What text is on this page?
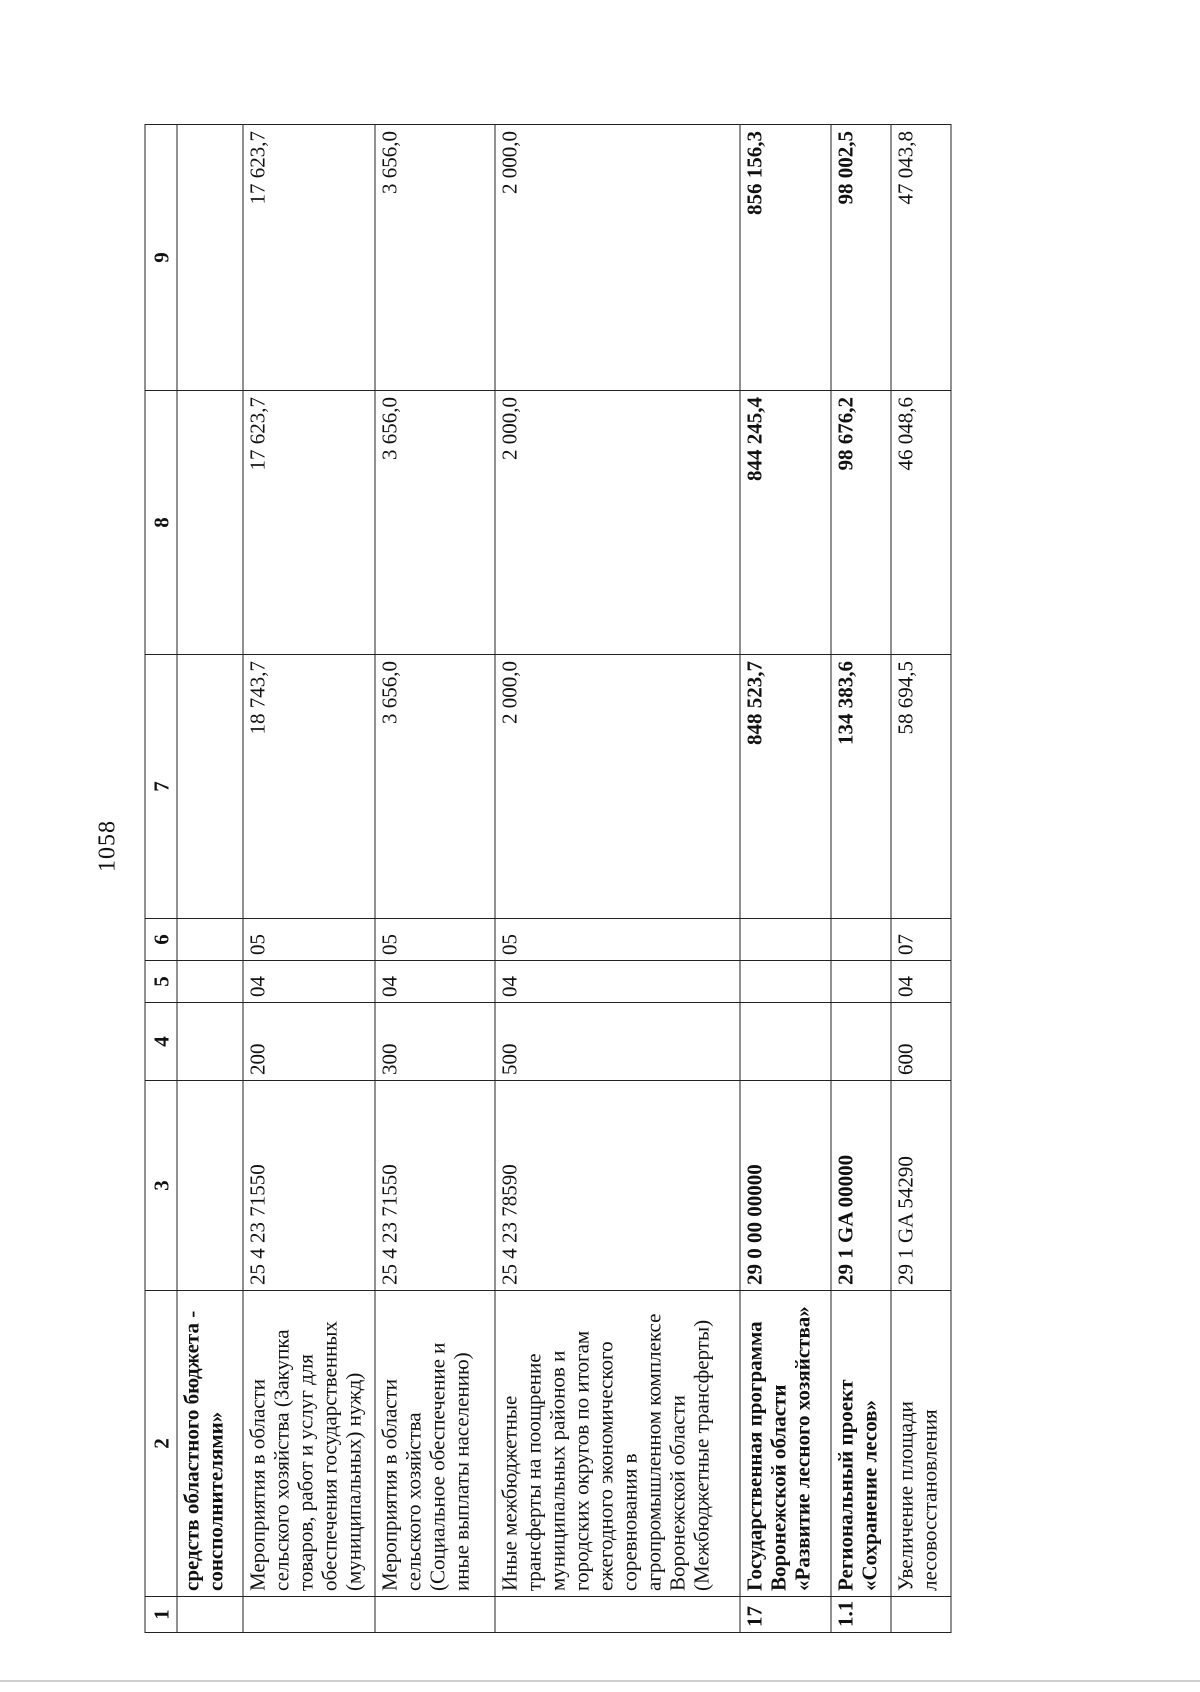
1058
1	2	3	4	5	6	7	8	9
	средств областного бюджета - сонсполнителями»							
	Мероприятия в области сельского хозяйства (Закупка товаров, работ и услуг для обеспечения государственных (муниципальных) нужд)	25 4 23 71550	200	04	05	18 743,7	17 623,7	17 623,7
	Мероприятия в области сельского хозяйства (Социальное обеспечение и иные выплаты населению)	25 4 23 71550	300	04	05	3 656,0	3 656,0	3 656,0
	Иные межбюджетные трансферты на поощрение муниципальных районов и городских округов по итогам ежегодного экономического соревнования в агропромышленном комплексе Воронежской области (Межбюджетные трансферты)	25 4 23 78590	500	04	05	2 000,0	2 000,0	2 000,0
17	Государственная программа Воронежской области «Развитие лесного хозяйства»	29 0 00 00000				848 523,7	844 245,4	856 156,3
1.1	Региональный проект «Сохранение лесов»	29 1 GA 00000				134 383,6	98 676,2	98 002,5
	Увеличение площади лесовосстановления	29 1 GA 54290	600	04	07	58 694,5	46 048,6	47 043,8
